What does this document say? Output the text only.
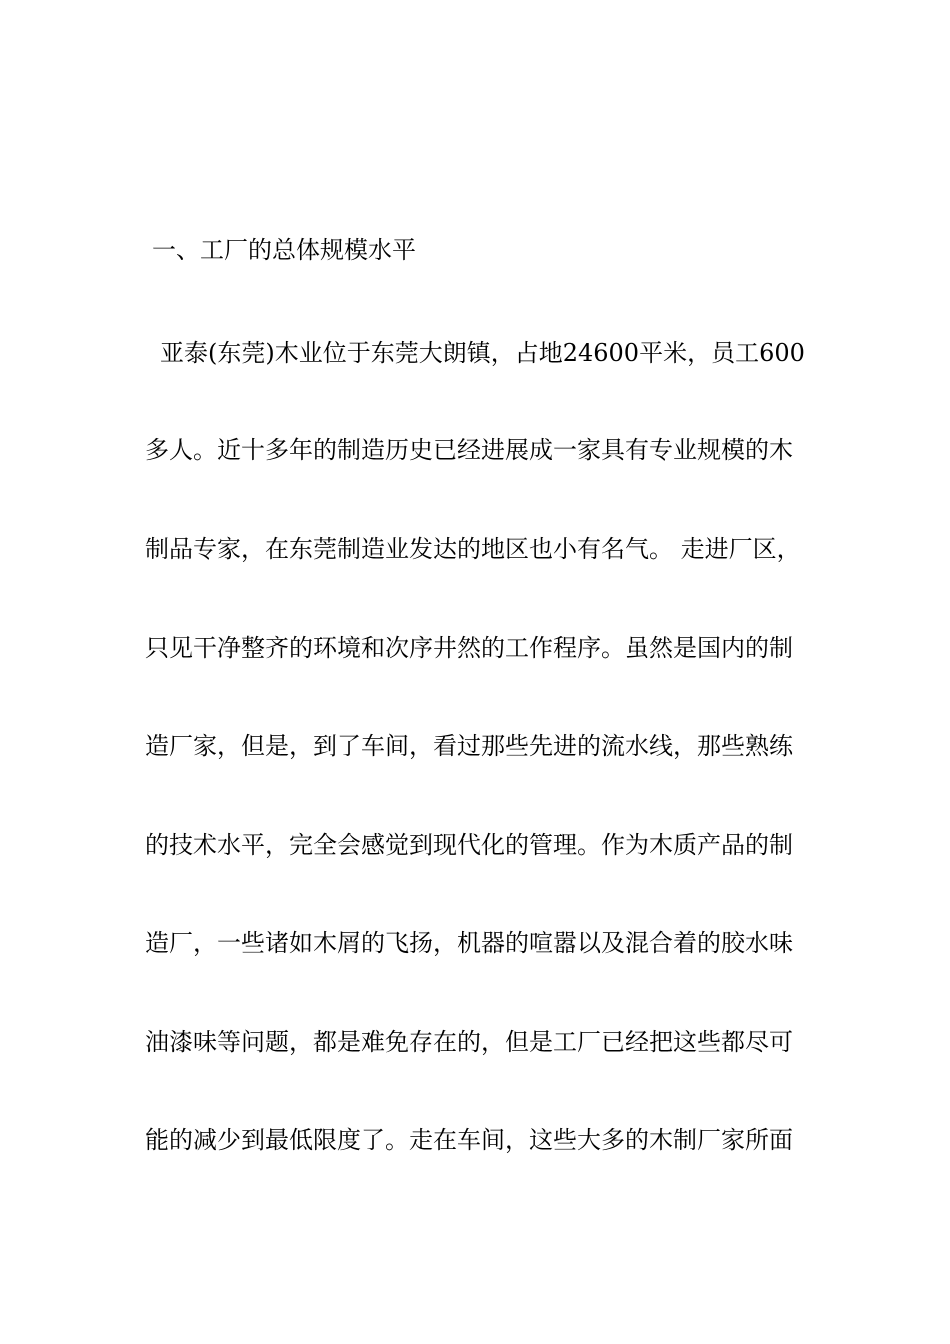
一、工厂的总体规模水平
亚泰(东莞)木业位于东莞大朗镇，占地24600平米，员工600
多人。近十多年的制造历史已经进展成一家具有专业规模的木
制品专家，在东莞制造业发达的地区也小有名气。 走进厂区，
只见干净整齐的环境和次序井然的工作程序。虽然是国内的制
造厂家，但是，到了车间，看过那些先进的流水线，那些熟练
的技术水平，完全会感觉到现代化的管理。作为木质产品的制
造厂，一些诸如木屑的飞扬，机器的喧嚣以及混合着的胶水味
油漆味等问题，都是难免存在的，但是工厂已经把这些都尽可
能的减少到最低限度了。走在车间，这些大多的木制厂家所面
